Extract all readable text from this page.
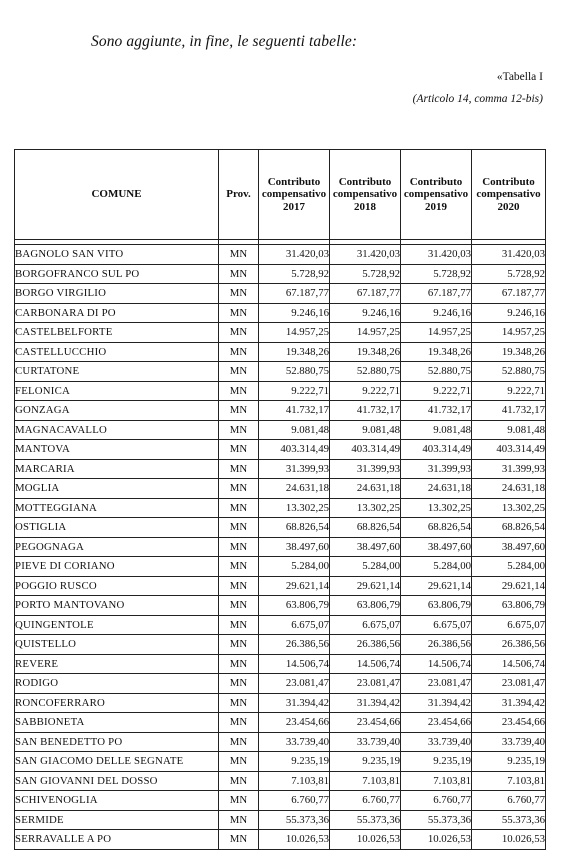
Sono aggiunte, in fine, le seguenti tabelle:
«Tabella I
(Articolo 14, comma 12-bis)
COMUNE	Prov.	Contributo
compensativo
2017	Contributo
compensativo
2018	Contributo
compensativo
2019	Contributo
compensativo
2020

BAGNOLO SAN VITO	MN	31.420,03	31.420,03	31.420,03	31.420,03
BORGOFRANCO SUL PO	MN	5.728,92	5.728,92	5.728,92	5.728,92
BORGO VIRGILIO	MN	67.187,77	67.187,77	67.187,77	67.187,77
CARBONARA DI PO	MN	9.246,16	9.246,16	9.246,16	9.246,16
CASTELBELFORTE	MN	14.957,25	14.957,25	14.957,25	14.957,25
CASTELLUCCHIO	MN	19.348,26	19.348,26	19.348,26	19.348,26
CURTATONE	MN	52.880,75	52.880,75	52.880,75	52.880,75
FELONICA	MN	9.222,71	9.222,71	9.222,71	9.222,71
GONZAGA	MN	41.732,17	41.732,17	41.732,17	41.732,17
MAGNACAVALLO	MN	9.081,48	9.081,48	9.081,48	9.081,48
MANTOVA	MN	403.314,49	403.314,49	403.314,49	403.314,49
MARCARIA	MN	31.399,93	31.399,93	31.399,93	31.399,93
MOGLIA	MN	24.631,18	24.631,18	24.631,18	24.631,18
MOTTEGGIANA	MN	13.302,25	13.302,25	13.302,25	13.302,25
OSTIGLIA	MN	68.826,54	68.826,54	68.826,54	68.826,54
PEGOGNAGA	MN	38.497,60	38.497,60	38.497,60	38.497,60
PIEVE DI CORIANO	MN	5.284,00	5.284,00	5.284,00	5.284,00
POGGIO RUSCO	MN	29.621,14	29.621,14	29.621,14	29.621,14
PORTO MANTOVANO	MN	63.806,79	63.806,79	63.806,79	63.806,79
QUINGENTOLE	MN	6.675,07	6.675,07	6.675,07	6.675,07
QUISTELLO	MN	26.386,56	26.386,56	26.386,56	26.386,56
REVERE	MN	14.506,74	14.506,74	14.506,74	14.506,74
RODIGO	MN	23.081,47	23.081,47	23.081,47	23.081,47
RONCOFERRARO	MN	31.394,42	31.394,42	31.394,42	31.394,42
SABBIONETA	MN	23.454,66	23.454,66	23.454,66	23.454,66
SAN BENEDETTO PO	MN	33.739,40	33.739,40	33.739,40	33.739,40
SAN GIACOMO DELLE SEGNATE	MN	9.235,19	9.235,19	9.235,19	9.235,19
SAN GIOVANNI DEL DOSSO	MN	7.103,81	7.103,81	7.103,81	7.103,81
SCHIVENOGLIA	MN	6.760,77	6.760,77	6.760,77	6.760,77
SERMIDE	MN	55.373,36	55.373,36	55.373,36	55.373,36
SERRAVALLE A PO	MN	10.026,53	10.026,53	10.026,53	10.026,53
